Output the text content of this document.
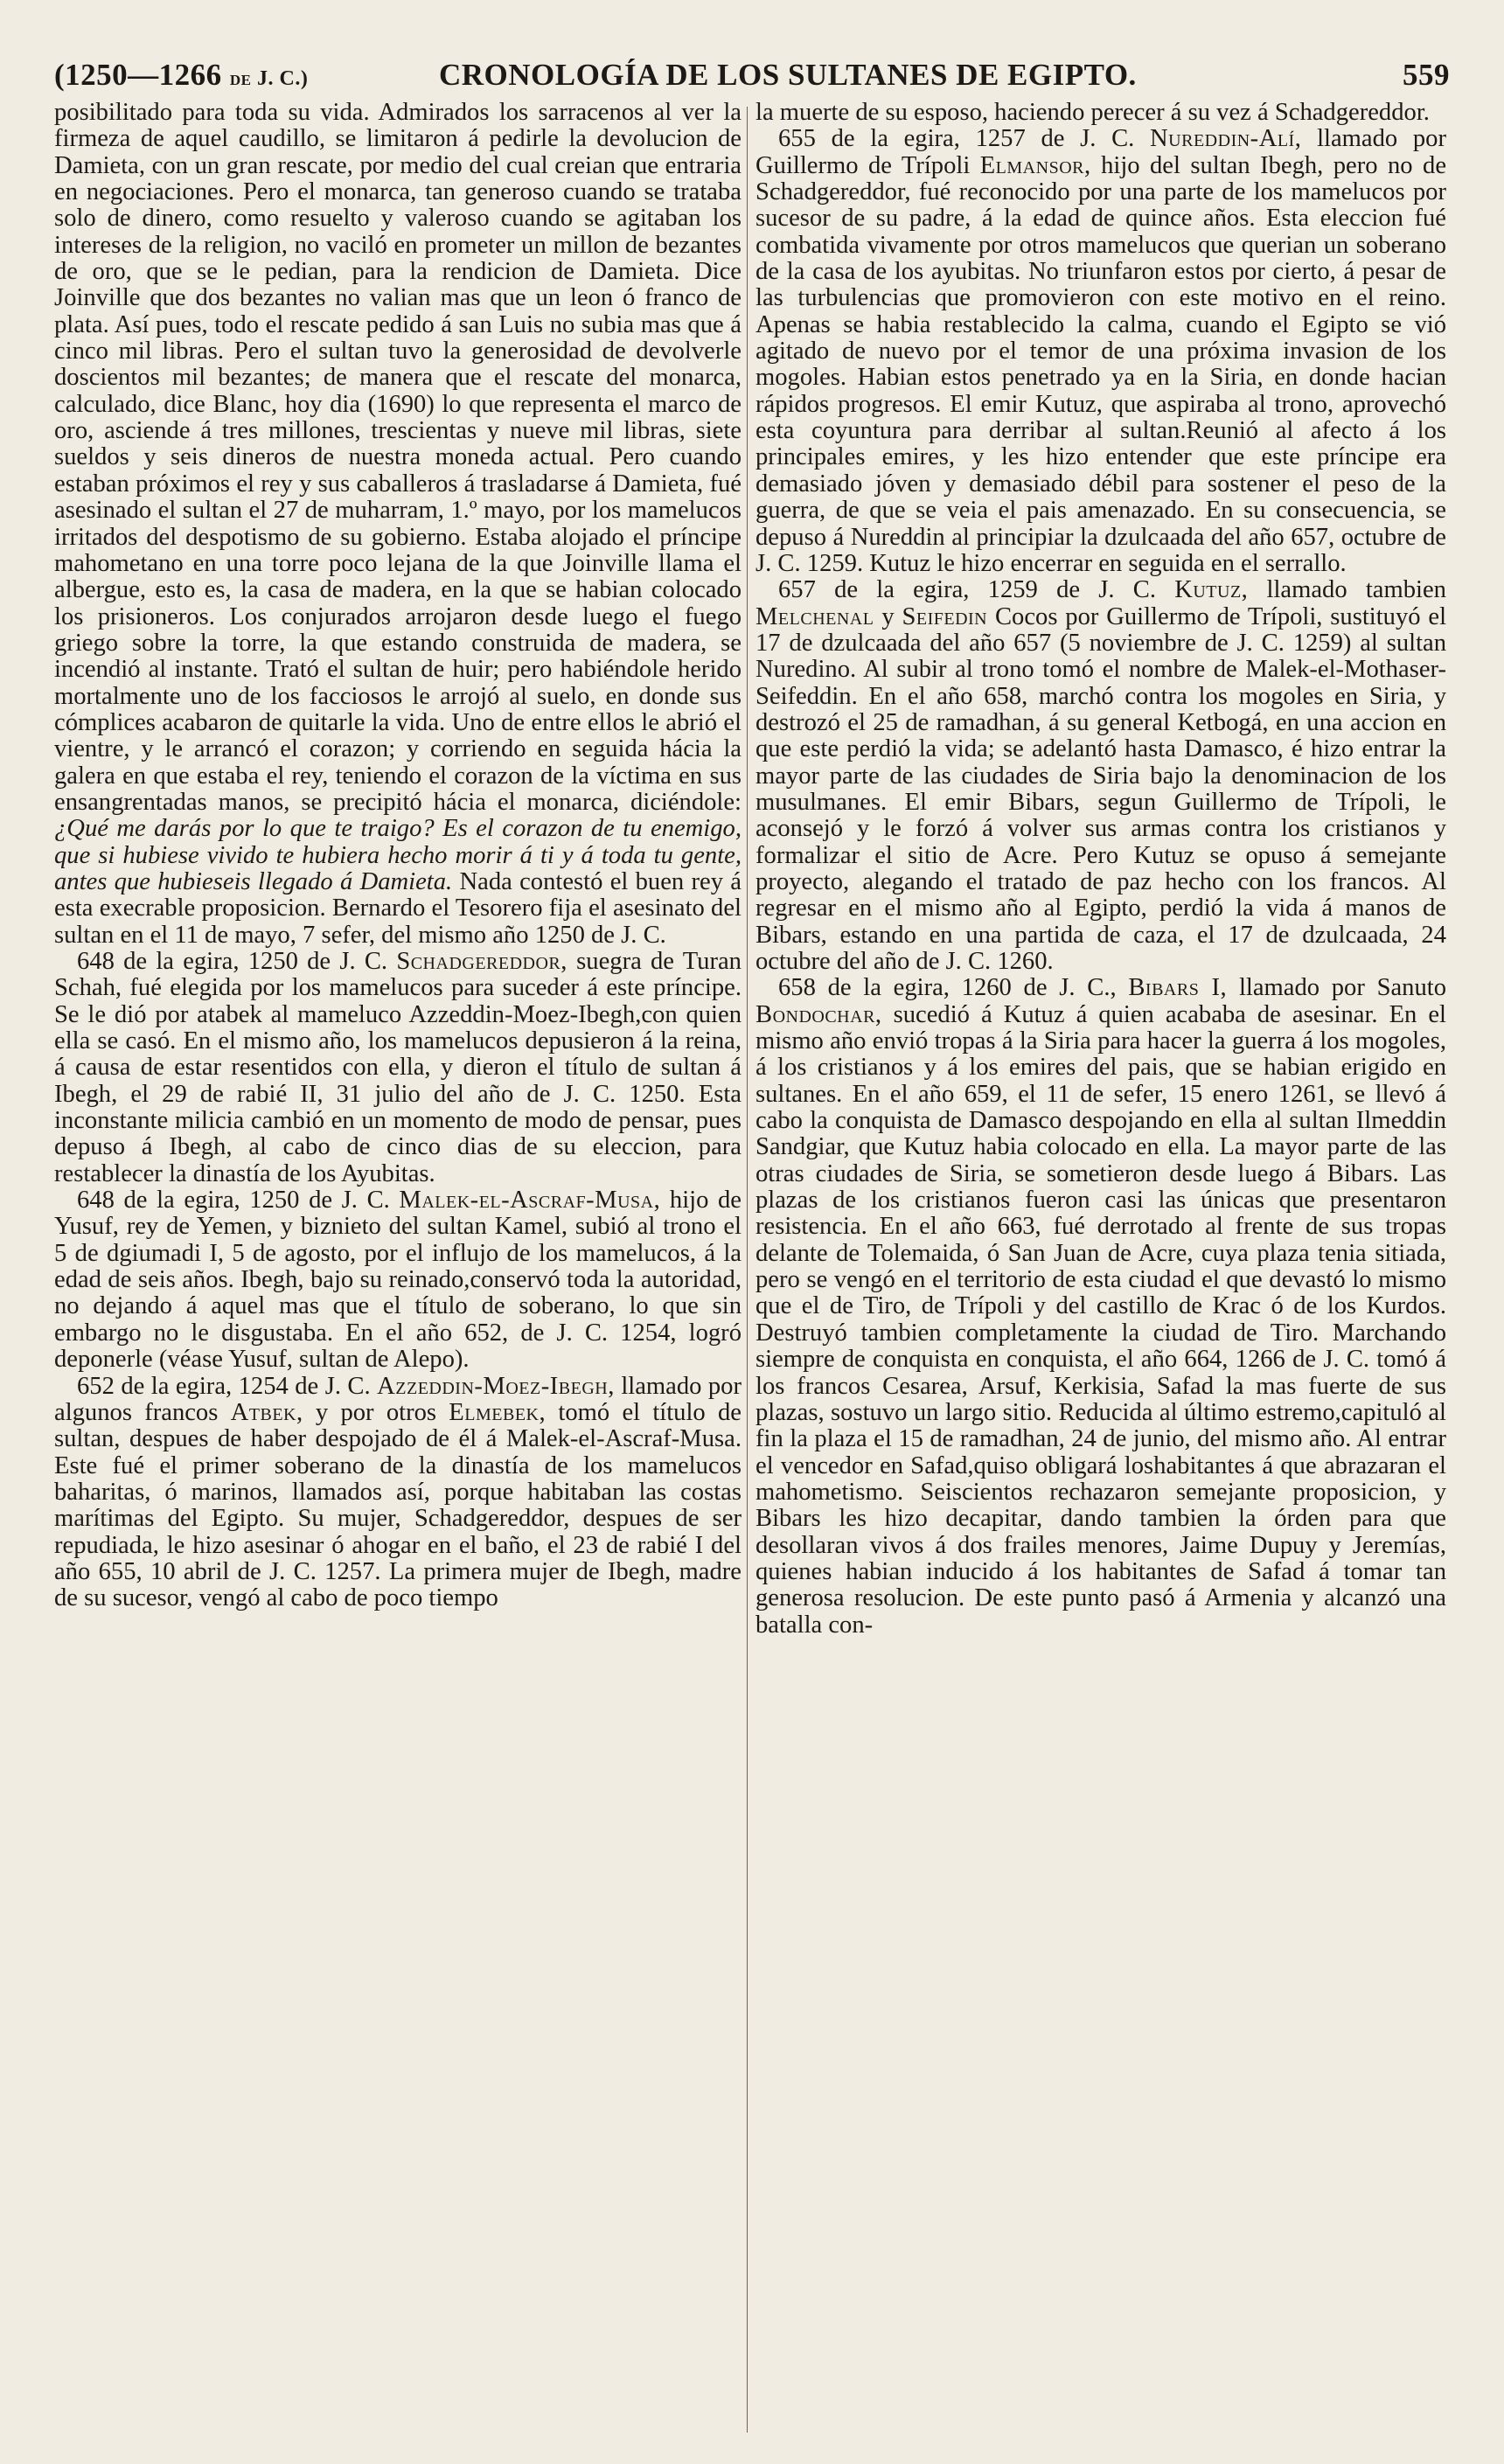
(1250—1266 de J. C.)	CRONOLOGÍA DE LOS SULTANES DE EGIPTO.	559

posibilitado para toda su vida. Admirados los sarracenos al ver la firmeza de aquel caudillo, se limitaron á pedirle la devolucion de Damieta, con un gran rescate, por medio del cual creian que entraria en negociaciones. Pero el monarca, tan generoso cuando se trataba solo de dinero, como resuelto y valeroso cuando se agitaban los intereses de la religion, no vaciló en prometer un millon de bezantes de oro, que se le pedian, para la rendicion de Damieta. Dice Joinville que dos bezantes no valian mas que un leon ó franco de plata. Así pues, todo el rescate pedido á san Luis no subia mas que á cinco mil libras. Pero el sultan tuvo la generosidad de devolverle doscientos mil bezantes; de manera que el rescate del monarca, calculado, dice Blanc, hoy dia (1690) lo que representa el marco de oro, asciende á tres millones, trescientas y nueve mil libras, siete sueldos y seis dineros de nuestra moneda actual. Pero cuando estaban próximos el rey y sus caballeros á trasladarse á Damieta, fué asesinado el sultan el 27 de muharram, 1.º mayo, por los mamelucos irritados del despotismo de su gobierno. Estaba alojado el príncipe mahometano en una torre poco lejana de la que Joinville llama el albergue, esto es, la casa de madera, en la que se habian colocado los prisioneros. Los conjurados arrojaron desde luego el fuego griego sobre la torre, la que estando construida de madera, se incendió al instante. Trató el sultan de huir; pero habiéndole herido mortalmente uno de los facciosos le arrojó al suelo, en donde sus cómplices acabaron de quitarle la vida. Uno de entre ellos le abrió el vientre, y le arrancó el corazon; y corriendo en seguida hácia la galera en que estaba el rey, teniendo el corazon de la víctima en sus ensangrentadas manos, se precipitó hácia el monarca, diciéndole: ¿Qué me darás por lo que te traigo? Es el corazon de tu enemigo, que si hubiese vivido te hubiera hecho morir á ti y á toda tu gente, antes que hubieseis llegado á Damieta. Nada contestó el buen rey á esta execrable proposicion. Bernardo el Tesorero fija el asesinato del sultan en el 11 de mayo, 7 sefer, del mismo año 1250 de J. C.

648 de la egira, 1250 de J. C. Schadgereddor, suegra de Turan Schah, fué elegida por los mamelucos para suceder á este príncipe. Se le dió por atabek al mameluco Azzeddin-Moez-Ibegh,con quien ella se casó. En el mismo año, los mamelucos depusieron á la reina, á causa de estar resentidos con ella, y dieron el título de sultan á Ibegh, el 29 de rabié II, 31 julio del año de J. C. 1250. Esta inconstante milicia cambió en un momento de modo de pensar, pues depuso á Ibegh, al cabo de cinco dias de su eleccion, para restablecer la dinastía de los Ayubitas.

648 de la egira, 1250 de J. C. Malek-el-Ascraf-Musa, hijo de Yusuf, rey de Yemen, y biznieto del sultan Kamel, subió al trono el 5 de dgiumadi I, 5 de agosto, por el influjo de los mamelucos, á la edad de seis años. Ibegh, bajo su reinado,conservó toda la autoridad, no dejando á aquel mas que el título de soberano, lo que sin embargo no le disgustaba. En el año 652, de J. C. 1254, logró deponerle (véase Yusuf, sultan de Alepo).

652 de la egira, 1254 de J. C. Azzeddin-Moez-Ibegh, llamado por algunos francos Atbek, y por otros Elmebek, tomó el título de sultan, despues de haber despojado de él á Malek-el-Ascraf-Musa. Este fué el primer soberano de la dinastía de los mamelucos baharitas, ó marinos, llamados así, porque habitaban las costas marítimas del Egipto. Su mujer, Schadgereddor, despues de ser repudiada, le hizo asesinar ó ahogar en el baño, el 23 de rabié I del año 655, 10 abril de J. C. 1257. La primera mujer de Ibegh, madre de su sucesor, vengó al cabo de poco tiempo

la muerte de su esposo, haciendo perecer á su vez á Schadgereddor.

655 de la egira, 1257 de J. C. Nureddin-Alí, llamado por Guillermo de Trípoli Elmansor, hijo del sultan Ibegh, pero no de Schadgereddor, fué reconocido por una parte de los mamelucos por sucesor de su padre, á la edad de quince años. Esta eleccion fué combatida vivamente por otros mamelucos que querian un soberano de la casa de los ayubitas. No triunfaron estos por cierto, á pesar de las turbulencias que promovieron con este motivo en el reino. Apenas se habia restablecido la calma, cuando el Egipto se vió agitado de nuevo por el temor de una próxima invasion de los mogoles. Habian estos penetrado ya en la Siria, en donde hacian rápidos progresos. El emir Kutuz, que aspiraba al trono, aprovechó esta coyuntura para derribar al sultan.Reunió al afecto á los principales emires, y les hizo entender que este príncipe era demasiado jóven y demasiado débil para sostener el peso de la guerra, de que se veia el pais amenazado. En su consecuencia, se depuso á Nureddin al principiar la dzulcaada del año 657, octubre de J. C. 1259. Kutuz le hizo encerrar en seguida en el serrallo.

657 de la egira, 1259 de J. C. Kutuz, llamado tambien Melchenal y Seifedin Cocos por Guillermo de Trípoli, sustituyó el 17 de dzulcaada del año 657 (5 noviembre de J. C. 1259) al sultan Nuredino. Al subir al trono tomó el nombre de Malek-el-Mothaser-Seifeddin. En el año 658, marchó contra los mogoles en Siria, y destrozó el 25 de ramadhan, á su general Ketbogá, en una accion en que este perdió la vida; se adelantó hasta Damasco, é hizo entrar la mayor parte de las ciudades de Siria bajo la denominacion de los musulmanes. El emir Bibars, segun Guillermo de Trípoli, le aconsejó y le forzó á volver sus armas contra los cristianos y formalizar el sitio de Acre. Pero Kutuz se opuso á semejante proyecto, alegando el tratado de paz hecho con los francos. Al regresar en el mismo año al Egipto, perdió la vida á manos de Bibars, estando en una partida de caza, el 17 de dzulcaada, 24 octubre del año de J. C. 1260.

658 de la egira, 1260 de J. C., Bibars I, llamado por Sanuto Bondochar, sucedió á Kutuz á quien acababa de asesinar. En el mismo año envió tropas á la Siria para hacer la guerra á los mogoles, á los cristianos y á los emires del pais, que se habian erigido en sultanes. En el año 659, el 11 de sefer, 15 enero 1261, se llevó á cabo la conquista de Damasco despojando en ella al sultan Ilmeddin Sandgiar, que Kutuz habia colocado en ella. La mayor parte de las otras ciudades de Siria, se sometieron desde luego á Bibars. Las plazas de los cristianos fueron casi las únicas que presentaron resistencia. En el año 663, fué derrotado al frente de sus tropas delante de Tolemaida, ó San Juan de Acre, cuya plaza tenia sitiada, pero se vengó en el territorio de esta ciudad el que devastó lo mismo que el de Tiro, de Trípoli y del castillo de Krac ó de los Kurdos. Destruyó tambien completamente la ciudad de Tiro. Marchando siempre de conquista en conquista, el año 664, 1266 de J. C. tomó á los francos Cesarea, Arsuf, Kerkisia, Safad la mas fuerte de sus plazas, sostuvo un largo sitio. Reducida al último estremo,capituló al fin la plaza el 15 de ramadhan, 24 de junio, del mismo año. Al entrar el vencedor en Safad,quiso obligará loshabitantes á que abrazaran el mahometismo. Seiscientos rechazaron semejante proposicion, y Bibars les hizo decapitar, dando tambien la órden para que desollaran vivos á dos frailes menores, Jaime Dupuy y Jeremías, quienes habian inducido á los habitantes de Safad á tomar tan generosa resolucion. De este punto pasó á Armenia y alcanzó una batalla con-
